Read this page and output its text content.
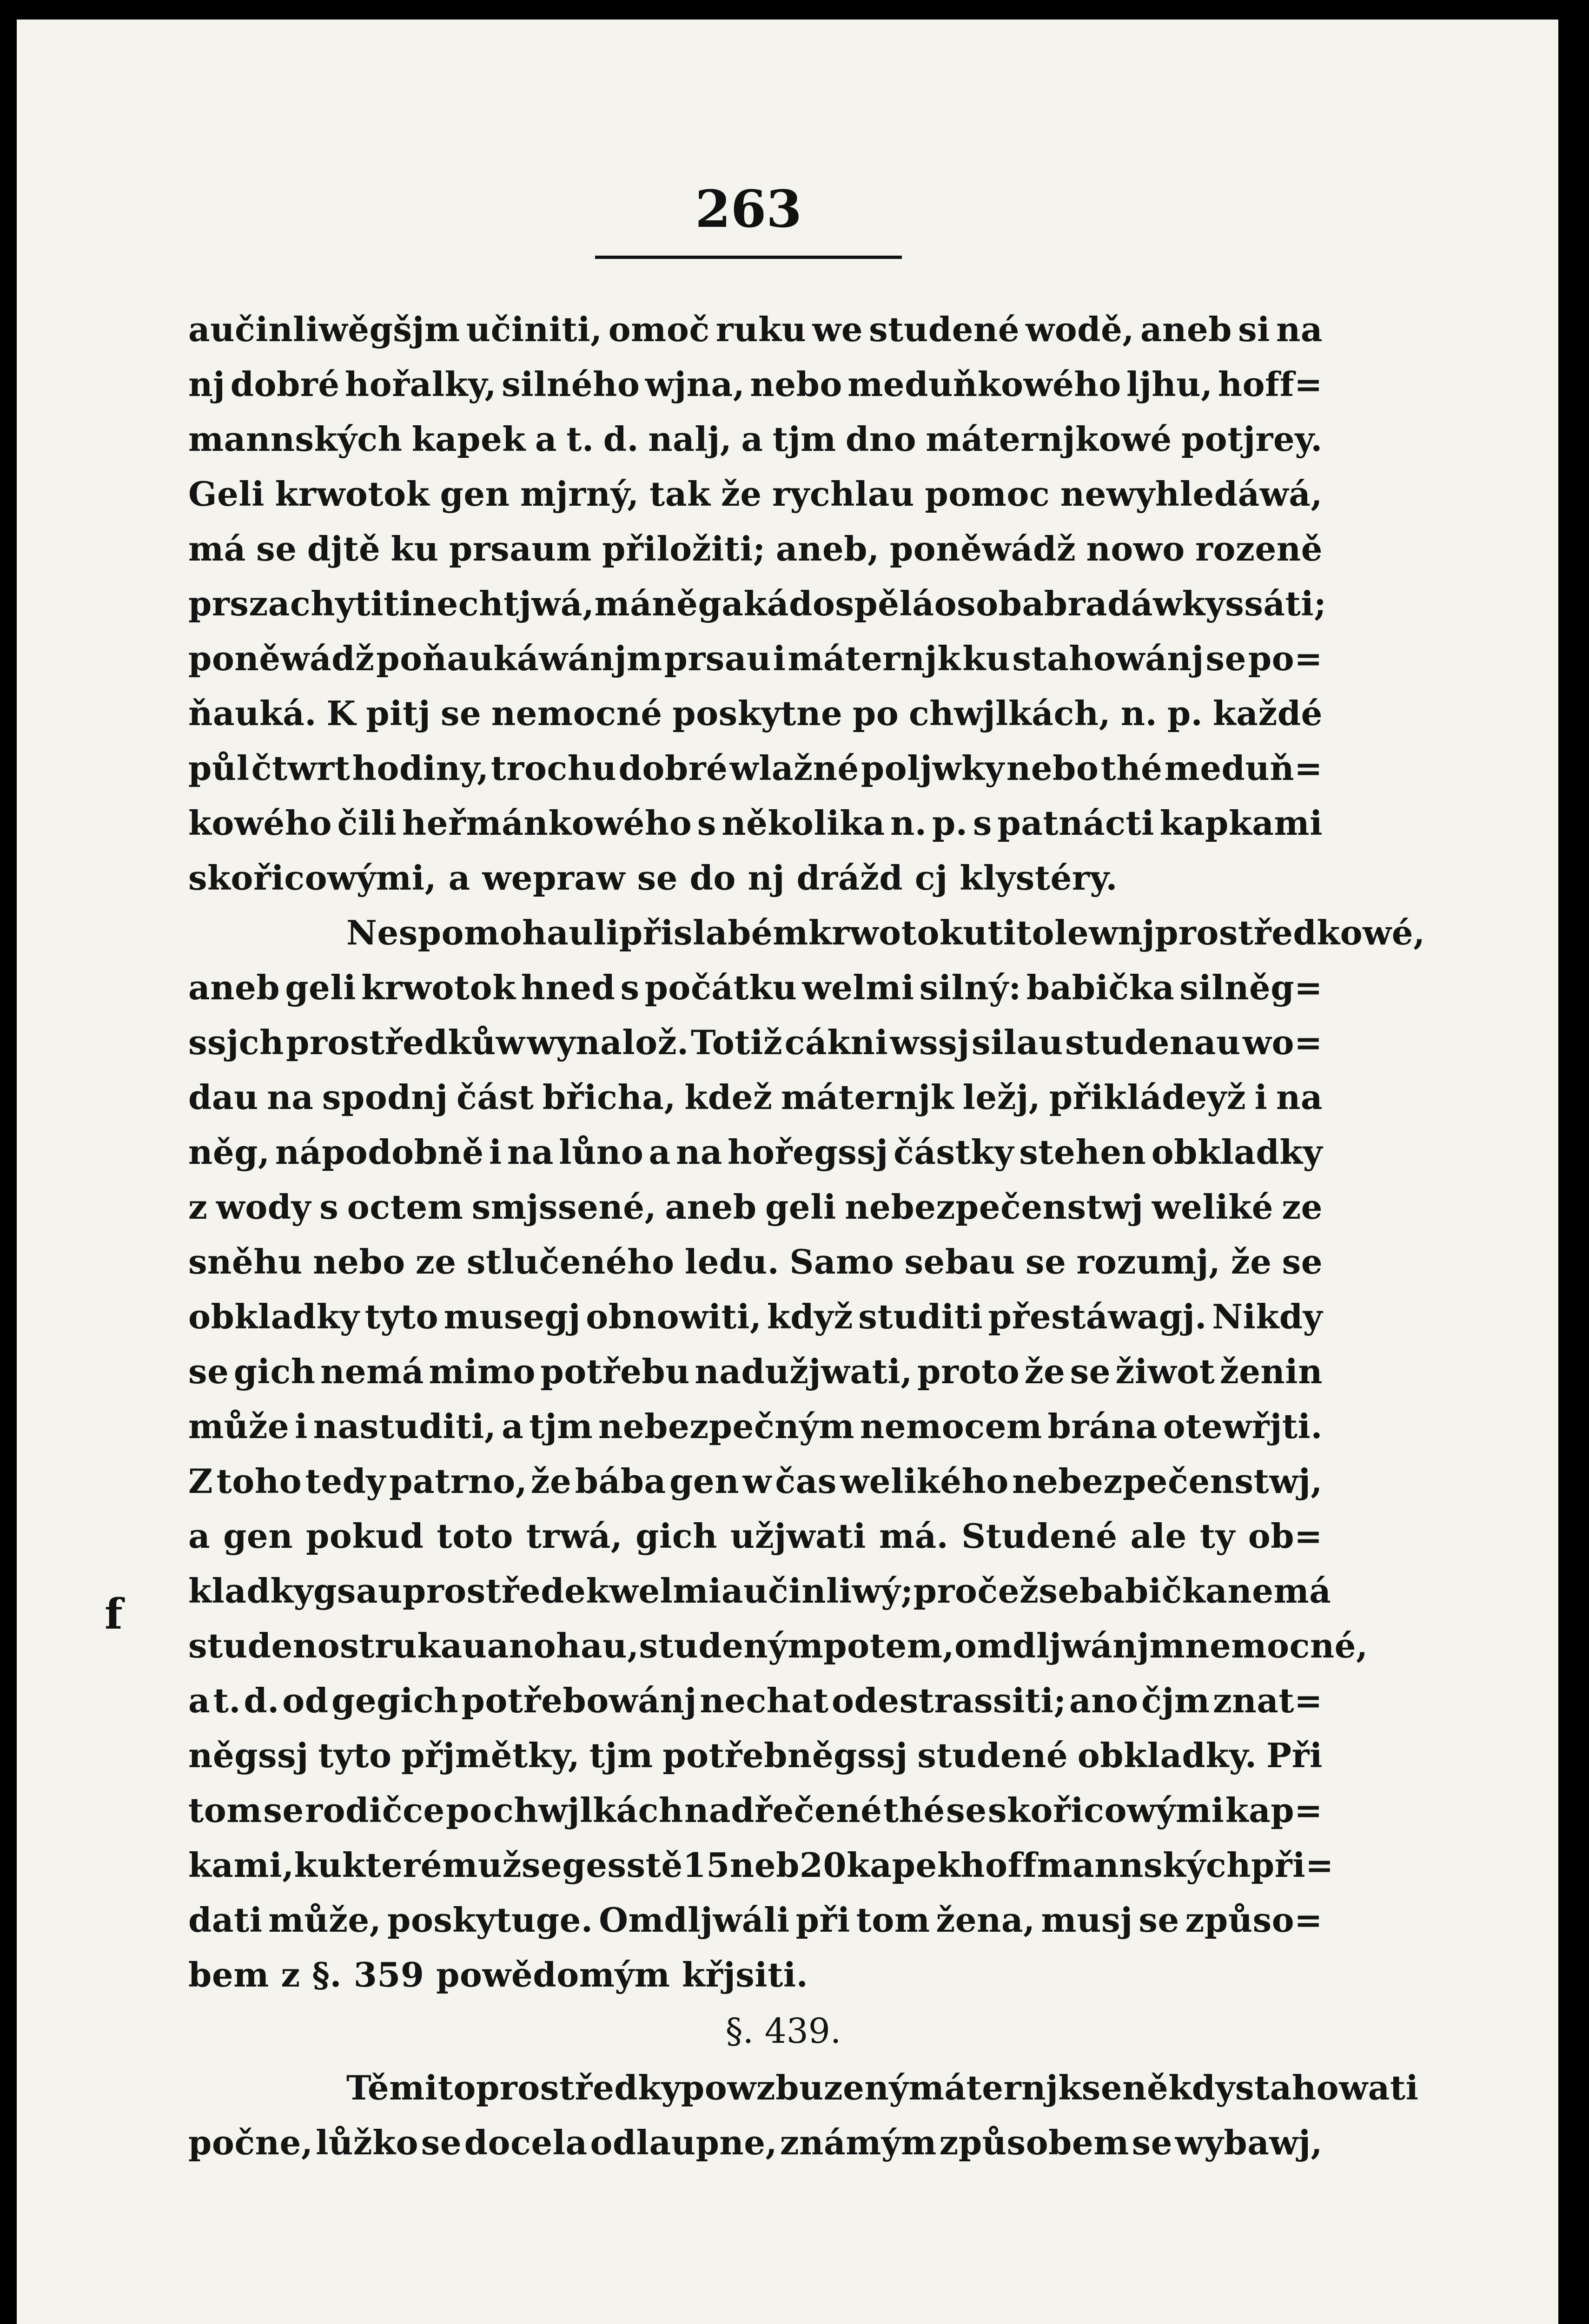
263
f
aučinliwěgšjm učiniti, omoč ruku we studené wodě, aneb si na
nj dobré hořalky, silného wjna, nebo meduňkowého ljhu, hoff=
mannských kapek a t. d. nalj, a tjm dno máternjkowé potjrey.
Geli krwotok gen mjrný, tak že rychlau pomoc newyhledáwá,
má se djtě ku prsaum přiložiti; aneb, poněwádž nowo rozeně
prs zachytiti nechtjwá, má něgaká dospělá osoba bradáwky ssáti;
poněwádž poňaukáwánjm prsau i máternjk ku stahowánj se po=
ňauká. K pitj se nemocné poskytne po chwjlkách, n. p. každé
půl čtwrt hodiny, trochu dobré wlažné poljwky nebo thé meduň=
kowého čili heřmánkowého s několika n. p. s patnácti kapkami
skořicowými,
a
wepraw
se
do
nj
drážd
cj
klystéry.
Nespomohauli při slabém krwotoku tito lewnj prostředkowé,
aneb geli krwotok hned s počátku welmi silný: babička silněg=
ssjch prostředkůw wynalož. Totiž cákni wssj silau studenau wo=
dau na spodnj část břicha, kdež máternjk ležj, přikládeyž i na
něg, nápodobně i na lůno a na hořegssj částky stehen obkladky
z wody s octem smjssené, aneb geli nebezpečenstwj weliké ze
sněhu nebo ze stlučeného ledu. Samo sebau se rozumj, že se
obkladky tyto musegj obnowiti, když studiti přestáwagj. Nikdy
se gich nemá mimo potřebu nadužjwati, proto že se žiwot ženin
může i nastuditi, a tjm nebezpečným nemocem brána otewřjti.
Z toho tedy patrno, že bába gen w čas welikého nebezpečenstwj,
a gen pokud toto trwá, gich užjwati má. Studené ale ty ob=
kladky gsau prostředek welmi aučinliwý; pročež se babička nemá
studenost rukau a nohau, studeným potem, omdljwánjm nemocné,
a t. d. od gegich potřebowánj nechat odestrassiti; ano čjm znat=
něgssj tyto přjmětky, tjm potřebněgssj studené obkladky. Při
tom se rodičce po chwjlkách nadřečené thé se skořicowými kap=
kami, ku kterémuž se gesstě 15 neb 20 kapek hoffmannských při=
dati může, poskytuge. Omdljwáli při tom žena, musj se způso=
bem
z
§.
359
powědomým
křjsiti.
§. 439.
Těmito prostředky powzbuzený máternjk se někdy stahowati
počne, lůžko se docela odlaupne, známým způsobem se wybawj,
